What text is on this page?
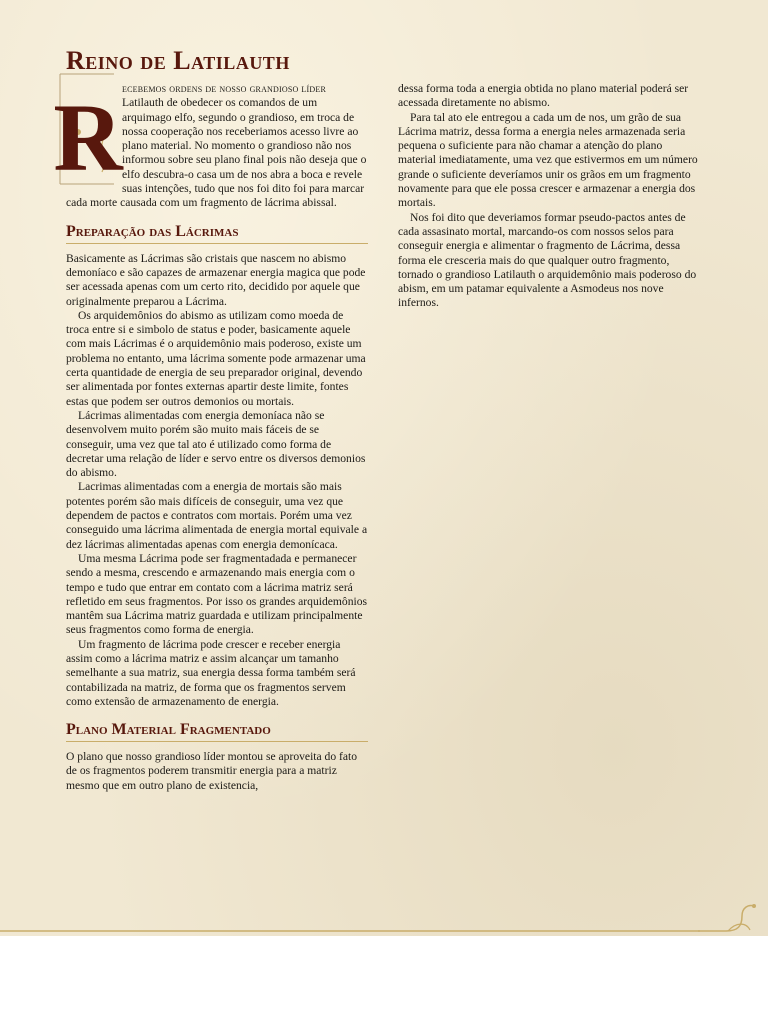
Reino de Latilauth

R ecebemos ordens de nosso grandioso líder Latilauth de obedecer os comandos de um arquimago elfo, segundo o grandioso, em troca de nossa cooperação nos receberiamos acesso livre ao plano material. No momento o grandioso não nos informou sobre seu plano final pois não deseja que o elfo descubra-o casa um de nos abra a boca e revele suas intenções, tudo que nos foi dito foi para marcar cada morte causada com um fragmento de lácrima abissal.

Preparação das Lácrimas

Basicamente as Lácrimas são cristais que nascem no abismo demoníaco e são capazes de armazenar energia magica que pode ser acessada apenas com um certo rito, decidido por aquele que originalmente preparou a Lácrima.

Os arquidemônios do abismo as utilizam como moeda de troca entre si e simbolo de status e poder, basicamente aquele com mais Lácrimas é o arquidemônio mais poderoso, existe um problema no entanto, uma lácrima somente pode armazenar uma certa quantidade de energia de seu preparador original, devendo ser alimentada por fontes externas apartir deste limite, fontes estas que podem ser outros demonios ou mortais.

Lácrimas alimentadas com energia demoníaca não se desenvolvem muito porém são muito mais fáceis de se conseguir, uma vez que tal ato é utilizado como forma de decretar uma relação de líder e servo entre os diversos demonios do abismo.

Lacrimas alimentadas com a energia de mortais são mais potentes porém são mais difíceis de conseguir, uma vez que dependem de pactos e contratos com mortais. Porém uma vez conseguido uma lácrima alimentada de energia mortal equivale a dez lácrimas alimentadas apenas com energia demonícaca.

Uma mesma Lácrima pode ser fragmentadada e permanecer sendo a mesma, crescendo e armazenando mais energia com o tempo e tudo que entrar em contato com a lácrima matriz será refletido em seus fragmentos. Por isso os grandes arquidemônios mantêm sua Lácrima matriz guardada e utilizam principalmente seus fragmentos como forma de energia.

Um fragmento de lácrima pode crescer e receber energia assim como a lácrima matriz e assim alcançar um tamanho semelhante a sua matriz, sua energia dessa forma também será contabilizada na matriz, de forma que os fragmentos servem como extensão de armazenamento de energia.

Plano Material Fragmentado

O plano que nosso grandioso líder montou se aproveita do fato de os fragmentos poderem transmitir energia para a matriz mesmo que em outro plano de existencia,

dessa forma toda a energia obtida no plano material poderá ser acessada diretamente no abismo.

Para tal ato ele entregou a cada um de nos, um grão de sua Lácrima matriz, dessa forma a energia neles armazenada seria pequena o suficiente para não chamar a atenção do plano material imediatamente, uma vez que estivermos em um número grande o suficiente deveríamos unir os grãos em um fragmento novamente para que ele possa crescer e armazenar a energia dos mortais.

Nos foi dito que deveriamos formar pseudo-pactos antes de cada assasinato mortal, marcando-os com nossos selos para conseguir energia e alimentar o fragmento de Lácrima, dessa forma ele cresceria mais do que qualquer outro fragmento, tornado o grandioso Latilauth o arquidemônio mais poderoso do abism, em um patamar equivalente a Asmodeus nos nove infernos.
